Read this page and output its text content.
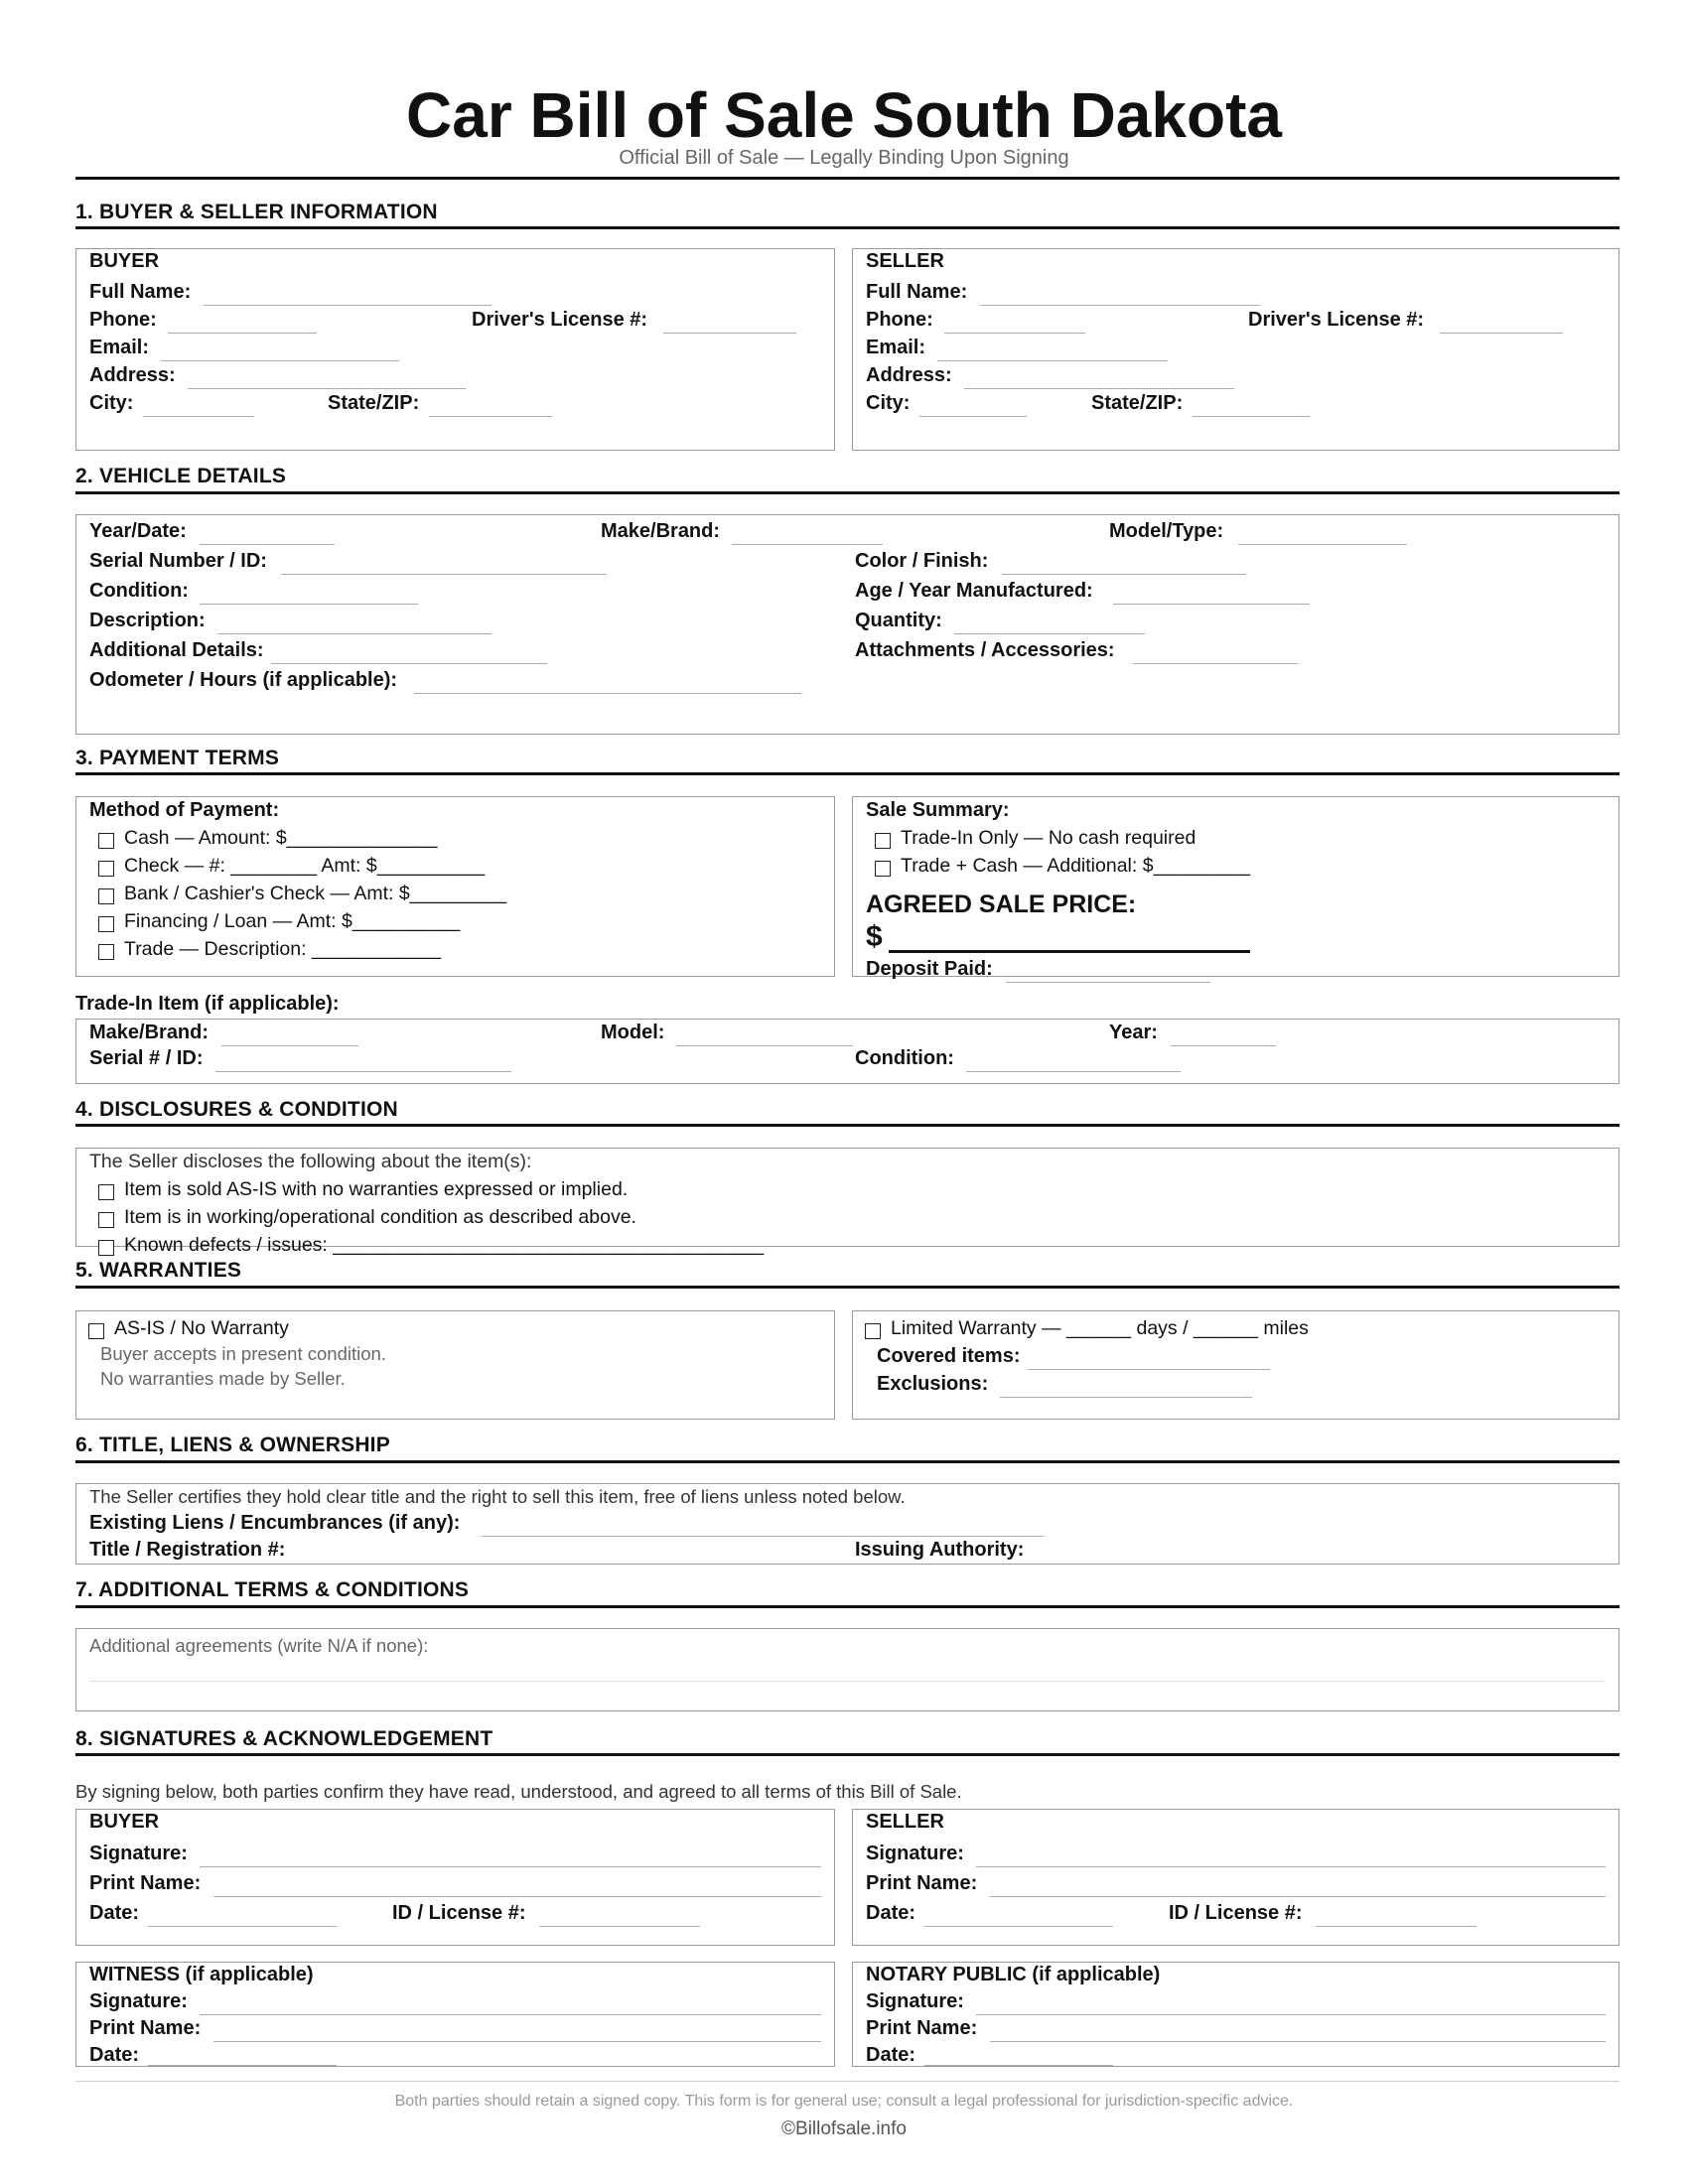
Car Bill of Sale South Dakota
Official Bill of Sale — Legally Binding Upon Signing
1. BUYER & SELLER INFORMATION
BUYER
Full Name:
Phone:	Driver's License #:
Email:
Address:
City:	State/ZIP:
SELLER
Full Name:
Phone:	Driver's License #:
Email:
Address:
City:	State/ZIP:
2. VEHICLE DETAILS
Year/Date:	Make/Brand:	Model/Type:
Serial Number / ID:	Color / Finish:
Condition:	Age / Year Manufactured:
Description:	Quantity:
Additional Details:	Attachments / Accessories:
Odometer / Hours (if applicable):
3. PAYMENT TERMS
Method of Payment:
Cash — Amount: $______________
Check — #: ________ Amt: $__________
Bank / Cashier's Check — Amt: $_________
Financing / Loan — Amt: $__________
Trade — Description: ____________
Sale Summary:
Trade-In Only — No cash required
Trade + Cash — Additional: $_________
AGREED SALE PRICE:
$
Deposit Paid:
Trade-In Item (if applicable):
Make/Brand:	Model:	Year:
Serial # / ID:	Condition:
4. DISCLOSURES & CONDITION
The Seller discloses the following about the item(s):
Item is sold AS-IS with no warranties expressed or implied.
Item is in working/operational condition as described above.
Known defects / issues: ________________________________________
5. WARRANTIES
AS-IS / No Warranty
Buyer accepts in present condition.
No warranties made by Seller.
Limited Warranty — ______ days / ______ miles
Covered items:
Exclusions:
6. TITLE, LIENS & OWNERSHIP
The Seller certifies they hold clear title and the right to sell this item, free of liens unless noted below.
Existing Liens / Encumbrances (if any):
Title / Registration #:	Issuing Authority:
7. ADDITIONAL TERMS & CONDITIONS
Additional agreements (write N/A if none):
8. SIGNATURES & ACKNOWLEDGEMENT
By signing below, both parties confirm they have read, understood, and agreed to all terms of this Bill of Sale.
BUYER
Signature:
Print Name:
Date:	ID / License #:
SELLER
Signature:
Print Name:
Date:	ID / License #:
WITNESS (if applicable)
Signature:
Print Name:
Date:
NOTARY PUBLIC (if applicable)
Signature:
Print Name:
Date:
Both parties should retain a signed copy. This form is for general use; consult a legal professional for jurisdiction-specific advice.
©Billofsale.info
